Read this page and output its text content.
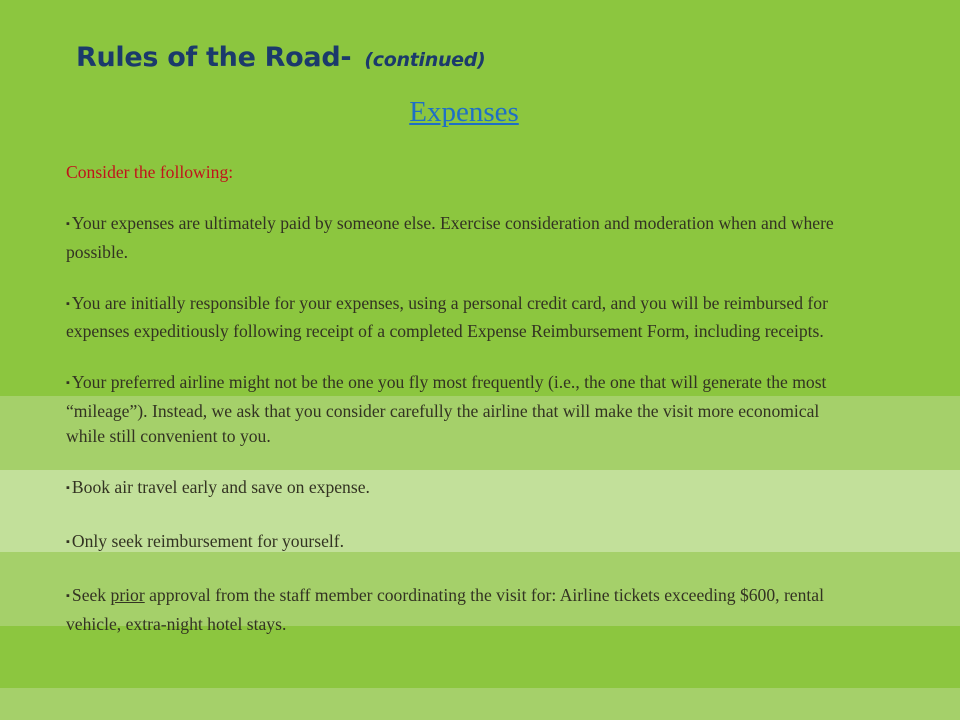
Rules of the Road- (continued)
Expenses

Consider the following:

▪ Your expenses are ultimately paid by someone else. Exercise consideration and moderation when and where possible.

▪ You are initially responsible for your expenses, using a personal credit card, and you will be reimbursed for expenses expeditiously following receipt of a completed Expense Reimbursement Form, including receipts.

▪ Your preferred airline might not be the one you fly most frequently (i.e., the one that will generate the most “mileage”). Instead, we ask that you consider carefully the airline that will make the visit more economical while still convenient to you.

▪ Book air travel early and save on expense.

▪ Only seek reimbursement for yourself.

▪ Seek prior approval from the staff member coordinating the visit for: Airline tickets exceeding $600, rental vehicle, extra-night hotel stays.
